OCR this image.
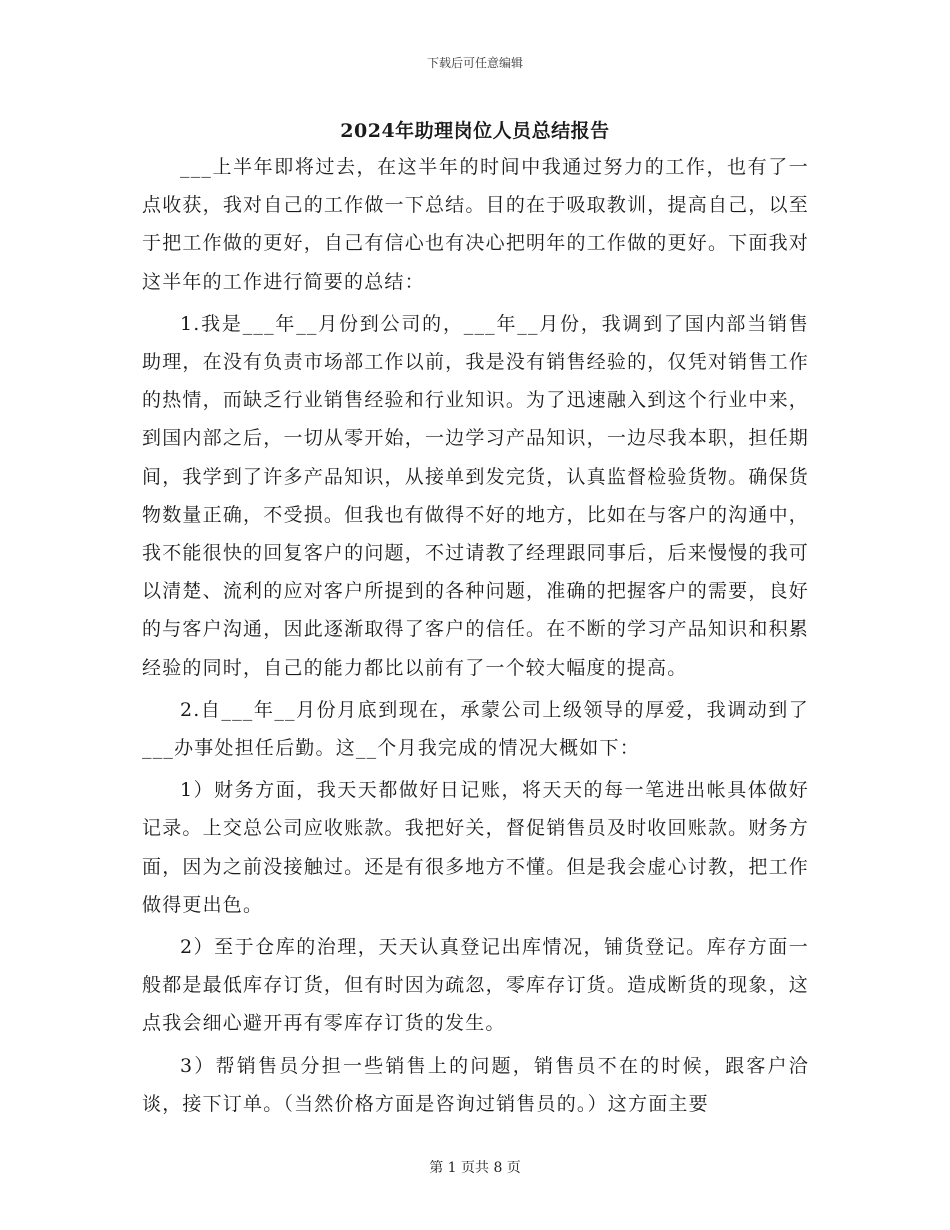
下载后可任意编辑
2024年助理岗位人员总结报告

___上半年即将过去，在这半年的时间中我通过努力的工作，也有了一点收获，我对自己的工作做一下总结。目的在于吸取教训，提高自己，以至于把工作做的更好，自己有信心也有决心把明年的工作做的更好。下面我对这半年的工作进行简要的总结：

1.我是___年__月份到公司的，___年__月份，我调到了国内部当销售助理，在没有负责市场部工作以前，我是没有销售经验的，仅凭对销售工作的热情，而缺乏行业销售经验和行业知识。为了迅速融入到这个行业中来，到国内部之后，一切从零开始，一边学习产品知识，一边尽我本职，担任期间，我学到了许多产品知识，从接单到发完货，认真监督检验货物。确保货物数量正确，不受损。但我也有做得不好的地方，比如在与客户的沟通中，我不能很快的回复客户的问题，不过请教了经理跟同事后，后来慢慢的我可以清楚、流利的应对客户所提到的各种问题，准确的把握客户的需要，良好的与客户沟通，因此逐渐取得了客户的信任。在不断的学习产品知识和积累经验的同时，自己的能力都比以前有了一个较大幅度的提高。

2.自___年__月份月底到现在，承蒙公司上级领导的厚爱，我调动到了___办事处担任后勤。这__个月我完成的情况大概如下：

1）财务方面，我天天都做好日记账，将天天的每一笔进出帐具体做好记录。上交总公司应收账款。我把好关，督促销售员及时收回账款。财务方面，因为之前没接触过。还是有很多地方不懂。但是我会虚心讨教，把工作做得更出色。

2）至于仓库的治理，天天认真登记出库情况，铺货登记。库存方面一般都是最低库存订货，但有时因为疏忽，零库存订货。造成断货的现象，这点我会细心避开再有零库存订货的发生。

3）帮销售员分担一些销售上的问题，销售员不在的时候，跟客户洽谈，接下订单。（当然价格方面是咨询过销售员的。）这方面主要

第 1 页共 8 页
